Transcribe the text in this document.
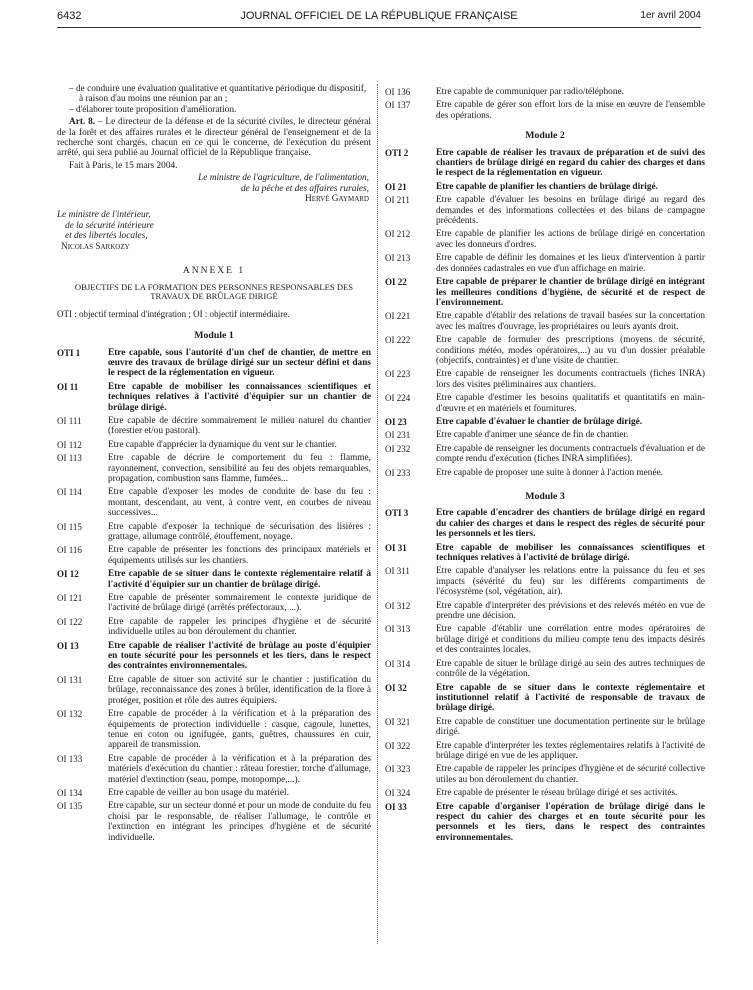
6432	JOURNAL OFFICIEL DE LA RÉPUBLIQUE FRANÇAISE	1er avril 2004

– de conduire une évaluation qualitative et quantitative périodique du dispositif, à raison d'au moins une réunion par an ;

– d'élaborer toute proposition d'amélioration.

Art. 8. – Le directeur de la défense et de la sécurité civiles, le directeur général de la forêt et des affaires rurales et le directeur général de l'enseignement et de la recherche sont chargés, chacun en ce qui le concerne, de l'exécution du présent arrêté, qui sera publié au Journal officiel de la République française.

Fait à Paris, le 15 mars 2004.

Le ministre de l'agriculture, de l'alimentation,
de la pêche et des affaires rurales,
Hervé Gaymard
Le ministre de l'intérieur,
de la sécurité intérieure
et des libertés locales,
Nicolas Sarkozy
ANNEXE 1
OBJECTIFS DE LA FORMATION DES PERSONNES RESPONSABLES DES TRAVAUX DE BRÛLAGE DIRIGÉ
OTI : objectif terminal d'intégration ; OI : objectif intermédiaire.
Module 1
OTI 1	Etre capable, sous l'autorité d'un chef de chantier, de mettre en œuvre des travaux de brûlage dirigé sur un secteur défini et dans le respect de la réglementation en vigueur.
OI 11	Etre capable de mobiliser les connaissances scientifiques et techniques relatives à l'activité d'équipier sur un chantier de brûlage dirigé.
OI 111	Etre capable de décrire sommairement le milieu naturel du chantier (forestier et/ou pastoral).
OI 112	Etre capable d'apprécier la dynamique du vent sur le chantier.
OI 113	Etre capable de décrire le comportement du feu : flamme, rayonnement, convection, sensibilité au feu des objets remarquables, propagation, combustion sans flamme, fumées...
OI 114	Etre capable d'exposer les modes de conduite de base du feu : montant, descendant, au vent, à contre vent, en courbes de niveau successives...
OI 115	Etre capable d'exposer la technique de sécurisation des lisières : grattage, allumage contrôlé, étouffement, noyage.
OI 116	Etre capable de présenter les fonctions des principaux matériels et équipements utilisés sur les chantiers.
OI 12	Etre capable de se situer dans le contexte réglementaire relatif à l'activité d'équipier sur un chantier de brûlage dirigé.
OI 121	Etre capable de présenter sommairement le contexte juridique de l'activité de brûlage dirigé (arrêtés préfectoraux, ...).
OI 122	Etre capable de rappeler les principes d'hygiène et de sécurité individuelle utiles au bon déroulement du chantier.
OI 13	Etre capable de réaliser l'activité de brûlage au poste d'équipier en toute sécurité pour les personnels et les tiers, dans le respect des contraintes environnementales.
OI 131	Etre capable de situer son activité sur le chantier : justification du brûlage, reconnaissance des zones à brûler, identification de la flore à protéger, position et rôle des autres équipiers.
OI 132	Etre capable de procéder à la vérification et à la préparation des équipements de protection individuelle : casque, cagoule, lunettes, tenue en coton ou ignifugée, gants, guêtres, chaussures en cuir, appareil de transmission.
OI 133	Etre capable de procéder à la vérification et à la préparation des matériels d'exécution du chantier : râteau forestier, torche d'allumage, matériel d'extinction (seau, pompe, motopompe,...).
OI 134	Etre capable de veiller au bon usage du matériel.
OI 135	Etre capable, sur un secteur donné et pour un mode de conduite du feu choisi par le responsable, de réaliser l'allumage, le contrôle et l'extinction en intégrant les principes d'hygiène et de sécurité individuelle.
OI 136	Etre capable de communiquer par radio/téléphone.
OI 137	Etre capable de gérer son effort lors de la mise en œuvre de l'ensemble des opérations.
Module 2
OTI 2	Etre capable de réaliser les travaux de préparation et de suivi des chantiers de brûlage dirigé en regard du cahier des charges et dans le respect de la réglementation en vigueur.
OI 21	Etre capable de planifier les chantiers de brûlage dirigé.
OI 211	Etre capable d'évaluer les besoins en brûlage dirigé au regard des demandes et des informations collectées et des bilans de campagne précédents.
OI 212	Etre capable de planifier les actions de brûlage dirigé en concertation avec les donneurs d'ordres.
OI 213	Etre capable de définir les domaines et les lieux d'intervention à partir des données cadastrales en vue d'un affichage en mairie.
OI 22	Etre capable de préparer le chantier de brûlage dirigé en intégrant les meilleures conditions d'hygiène, de sécurité et de respect de l'environnement.
OI 221	Etre capable d'établir des relations de travail basées sur la concertation avec les maîtres d'ouvrage, les propriétaires ou leurs ayants droit.
OI 222	Etre capable de formuler des prescriptions (moyens de sécurité, conditions météo, modes opératoires,...) au vu d'un dossier préalable (objectifs, contraintes) et d'une visite de chantier.
OI 223	Etre capable de renseigner les documents contractuels (fiches INRA) lors des visites préliminaires aux chantiers.
OI 224	Etre capable d'estimer les besoins qualitatifs et quantitatifs en main-d'œuvre et en matériels et fournitures.
OI 23	Etre capable d'évaluer le chantier de brûlage dirigé.
OI 231	Etre capable d'animer une séance de fin de chantier.
OI 232	Etre capable de renseigner les documents contractuels d'évaluation et de compte rendu d'exécution (fiches INRA simplifiées).
OI 233	Etre capable de proposer une suite à donner à l'action menée.
Module 3
OTI 3	Etre capable d'encadrer des chantiers de brûlage dirigé en regard du cahier des charges et dans le respect des règles de sécurité pour les personnels et les tiers.
OI 31	Etre capable de mobiliser les connaissances scientifiques et techniques relatives à l'activité de brûlage dirigé.
OI 311	Etre capable d'analyser les relations entre la puissance du feu et ses impacts (sévérité du feu) sur les différents compartiments de l'écosystème (sol, végétation, air).
OI 312	Etre capable d'interpréter des prévisions et des relevés météo en vue de prendre une décision.
OI 313	Etre capable d'établir une corrélation entre modes opératoires de brûlage dirigé et conditions du milieu compte tenu des impacts désirés et des contraintes locales.
OI 314	Etre capable de situer le brûlage dirigé au sein des autres techniques de contrôle de la végétation.
OI 32	Etre capable de se situer dans le contexte réglementaire et institutionnel relatif à l'activité de responsable de travaux de brûlage dirigé.
OI 321	Etre capable de constituer une documentation pertinente sur le brûlage dirigé.
OI 322	Etre capable d'interpréter les textes réglementaires relatifs à l'activité de brûlage dirigé en vue de les appliquer.
OI 323	Etre capable de rappeler les principes d'hygiène et de sécurité collective utiles au bon déroulement du chantier.
OI 324	Etre capable de présenter le réseau brûlage dirigé et ses activités.
OI 33	Etre capable d'organiser l'opération de brûlage dirigé dans le respect du cahier des charges et en toute sécurité pour les personnels et les tiers, dans le respect des contraintes environnementales.
